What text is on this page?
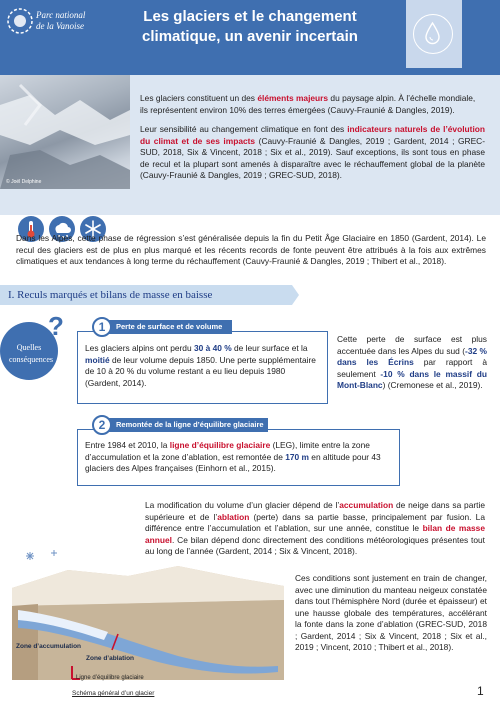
Parc national
de la Vanoise
Les glaciers et le changement
climatique, un avenir incertain
© Joël Delphine
Les glaciers constituent un des éléments majeurs du paysage alpin. À l’échelle mondiale, ils représentent environ 10% des terres émergées (Cauvy-Fraunié & Dangles, 2019).
Leur sensibilité au changement climatique en font des indicateurs naturels de l’évolution du climat et de ses impacts (Cauvy-Fraunié & Dangles, 2019 ; Gardent, 2014 ; GREC-SUD, 2018, Six & Vincent, 2018 ; Six et al., 2019). Sauf exceptions, ils sont tous en phase de recul et la plupart sont amenés à disparaître avec le réchauffement global de la planète (Cauvy-Fraunié & Dangles, 2019 ; GREC-SUD, 2018).
Dans les Alpes, cette phase de régression s’est généralisée depuis la fin du Petit Âge Glaciaire en 1850 (Gardent, 2014). Le recul des glaciers est de plus en plus marqué et les récents records de fonte peuvent être attribués à la fois aux extrêmes climatiques et aux tendances à long terme du réchauffement (Cauvy-Fraunié & Dangles, 2019 ; Thibert et al., 2018).
I. Reculs marqués et bilans de masse en baisse
?
Quelles
conséquences
1	Perte de surface et de volume
Les glaciers alpins ont perdu 30 à 40 % de leur surface et la moitié de leur volume depuis 1850. Une perte supplémentaire de 10 à 20 % du volume restant a eu lieu depuis 1980 (Gardent, 2014).
Cette perte de surface est plus accentuée dans les Alpes du sud (-32 % dans les Écrins par rapport à seulement -10 % dans le massif du Mont-Blanc) (Cremonese et al., 2019).
2	Remontée de la ligne d’équilibre glaciaire
Entre 1984 et 2010, la ligne d’équilibre glaciaire (LEG), limite entre la zone d’accumulation et la zone d’ablation, est remontée de 170 m en altitude pour 43 glaciers des Alpes françaises (Einhorn et al., 2015).
La modification du volume d’un glacier dépend de l’accumulation de neige dans sa partie supérieure et de l’ablation (perte) dans sa partie basse, principalement par fusion. La différence entre l’accumulation et l’ablation, sur une année, constitue le bilan de masse annuel. Ce bilan dépend donc directement des conditions météorologiques présentes tout au long de l’année (Gardent, 2014 ; Six & Vincent, 2018).
Ces conditions sont justement en train de changer, avec une diminution du manteau neigeux constatée dans tout l’hémisphère Nord (durée et épaisseur) et une hausse globale des températures, accélérant la fonte dans la zone d’ablation (GREC-SUD, 2018 ; Gardent, 2014 ; Six & Vincent, 2018 ; Six et al., 2019 ; Vincent, 2010 ; Thibert et al., 2018).
Zone d’accumulation
Zone d’ablation
Ligne d’équilibre glaciaire
Schéma général d’un glacier	1
